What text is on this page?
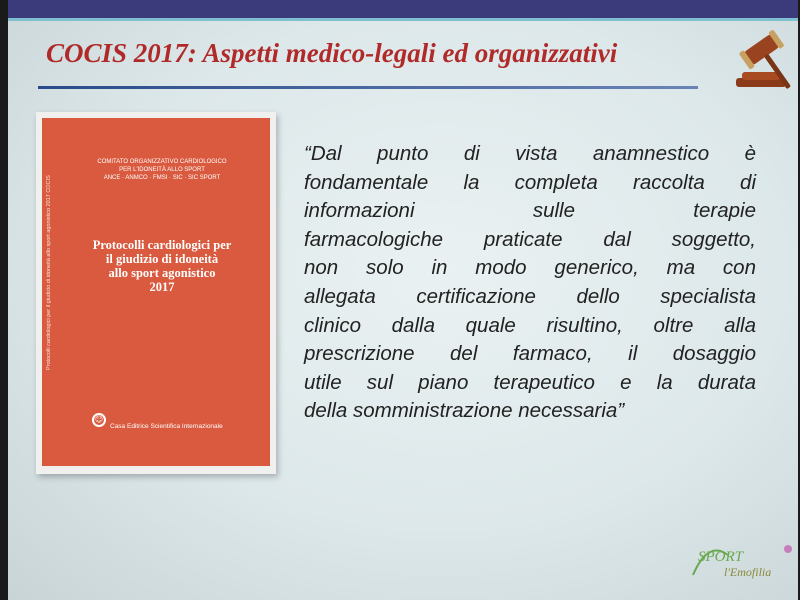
COCIS 2017: Aspetti medico-legali ed organizzativi
Protocolli cardiologici per il giudizio di idoneità allo sport agonistico 2017 COCIS
COMITATO ORGANIZZATIVO CARDIOLOGICO
PER L'IDONEITÀ ALLO SPORT
ANCE · ANMCO · FMSI · SIC · SIC SPORT
Protocolli cardiologici per
il giudizio di idoneità
allo sport agonistico
2017
☺
Casa Editrice Scientifica Internazionale
“Dal punto di vista anamnestico è
fondamentale la completa raccolta di
informazioni sulle terapie
farmacologiche praticate dal soggetto,
non solo in modo generico, ma con
allegata certificazione dello specialista
clinico dalla quale risultino, oltre alla
prescrizione del farmaco, il dosaggio
utile sul piano terapeutico e la durata
della somministrazione necessaria”
SPORT
l'Emofilia
